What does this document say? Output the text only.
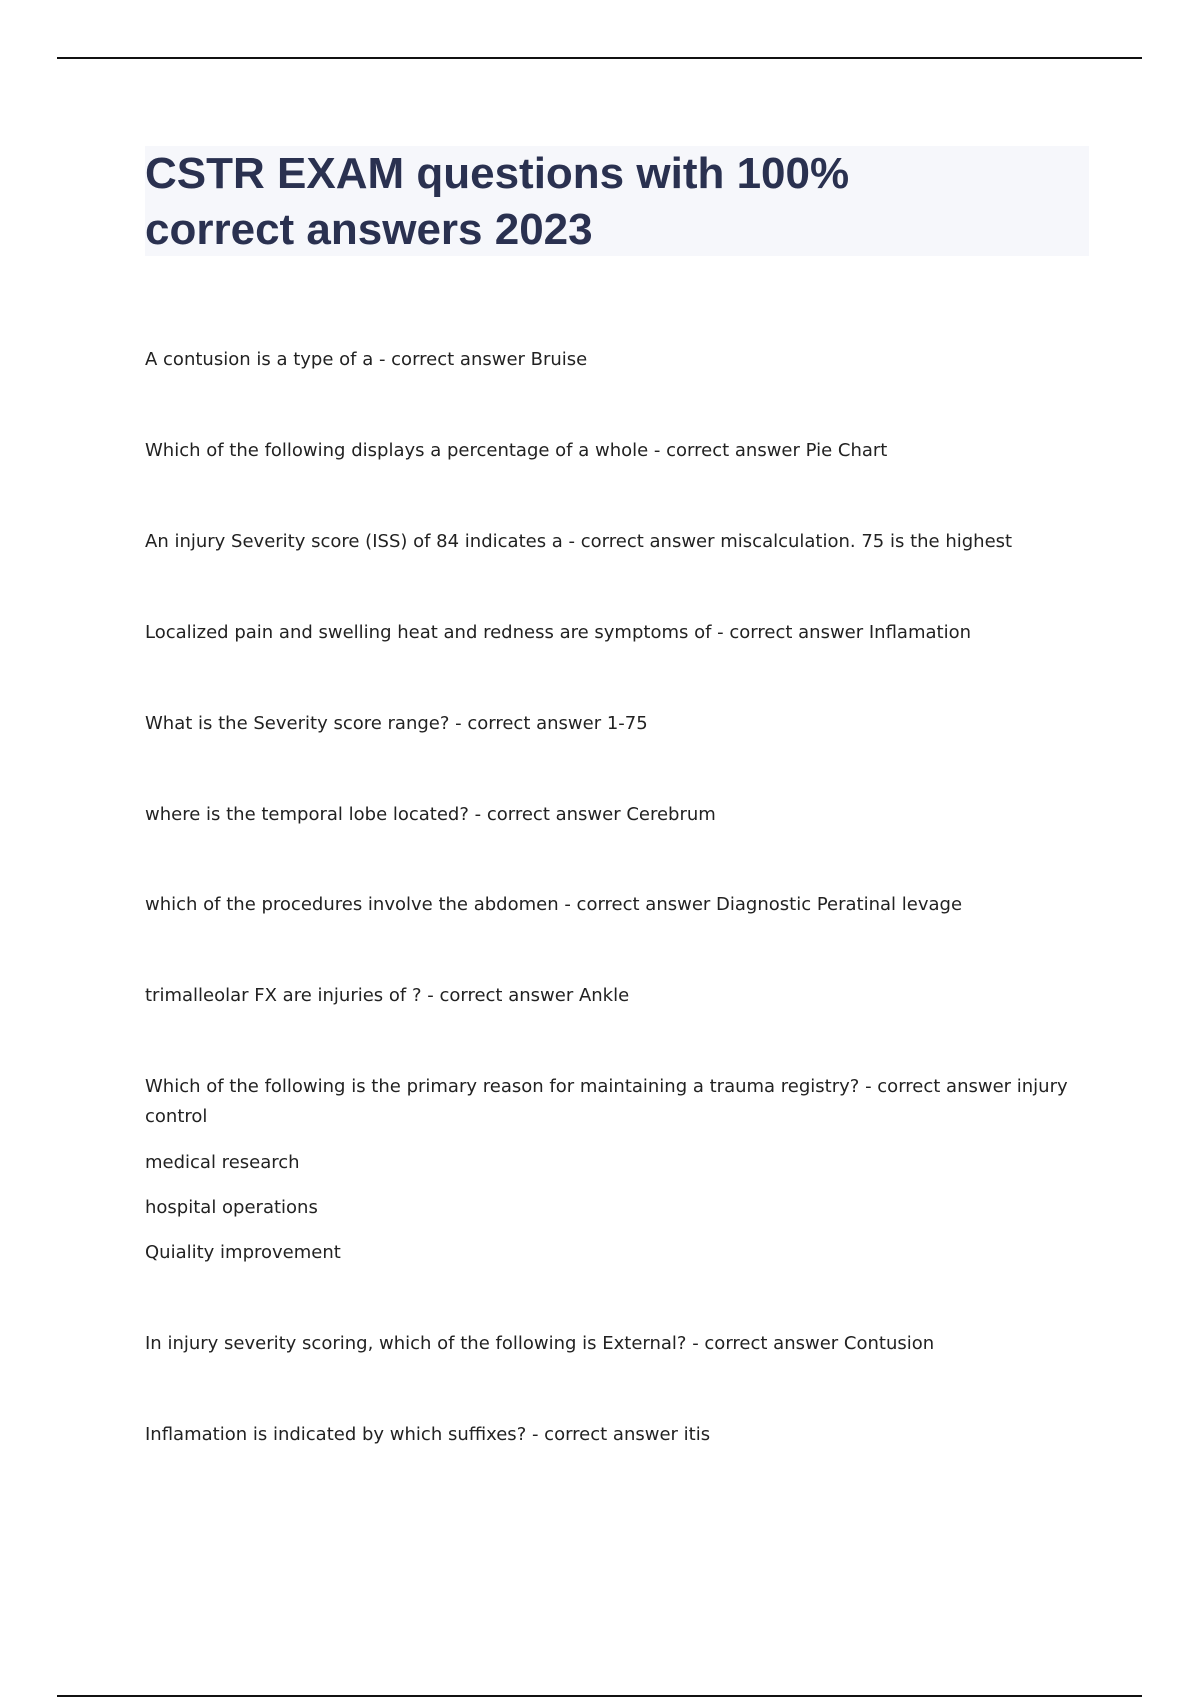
CSTR EXAM questions with 100%
correct answers 2023

A contusion is a type of a - correct answer Bruise

Which of the following displays a percentage of a whole - correct answer Pie Chart

An injury Severity score (ISS) of 84 indicates a - correct answer miscalculation. 75 is the highest

Localized pain and swelling heat and redness are symptoms of - correct answer Inflamation

What is the Severity score range? - correct answer 1-75

where is the temporal lobe located? - correct answer Cerebrum

which of the procedures involve the abdomen - correct answer Diagnostic Peratinal levage

trimalleolar FX are injuries of ? - correct answer Ankle

Which of the following is the primary reason for maintaining a trauma registry? - correct answer injury control

medical research

hospital operations

Quiality improvement

In injury severity scoring, which of the following is External? - correct answer Contusion

Inflamation is indicated by which suffixes? - correct answer itis
